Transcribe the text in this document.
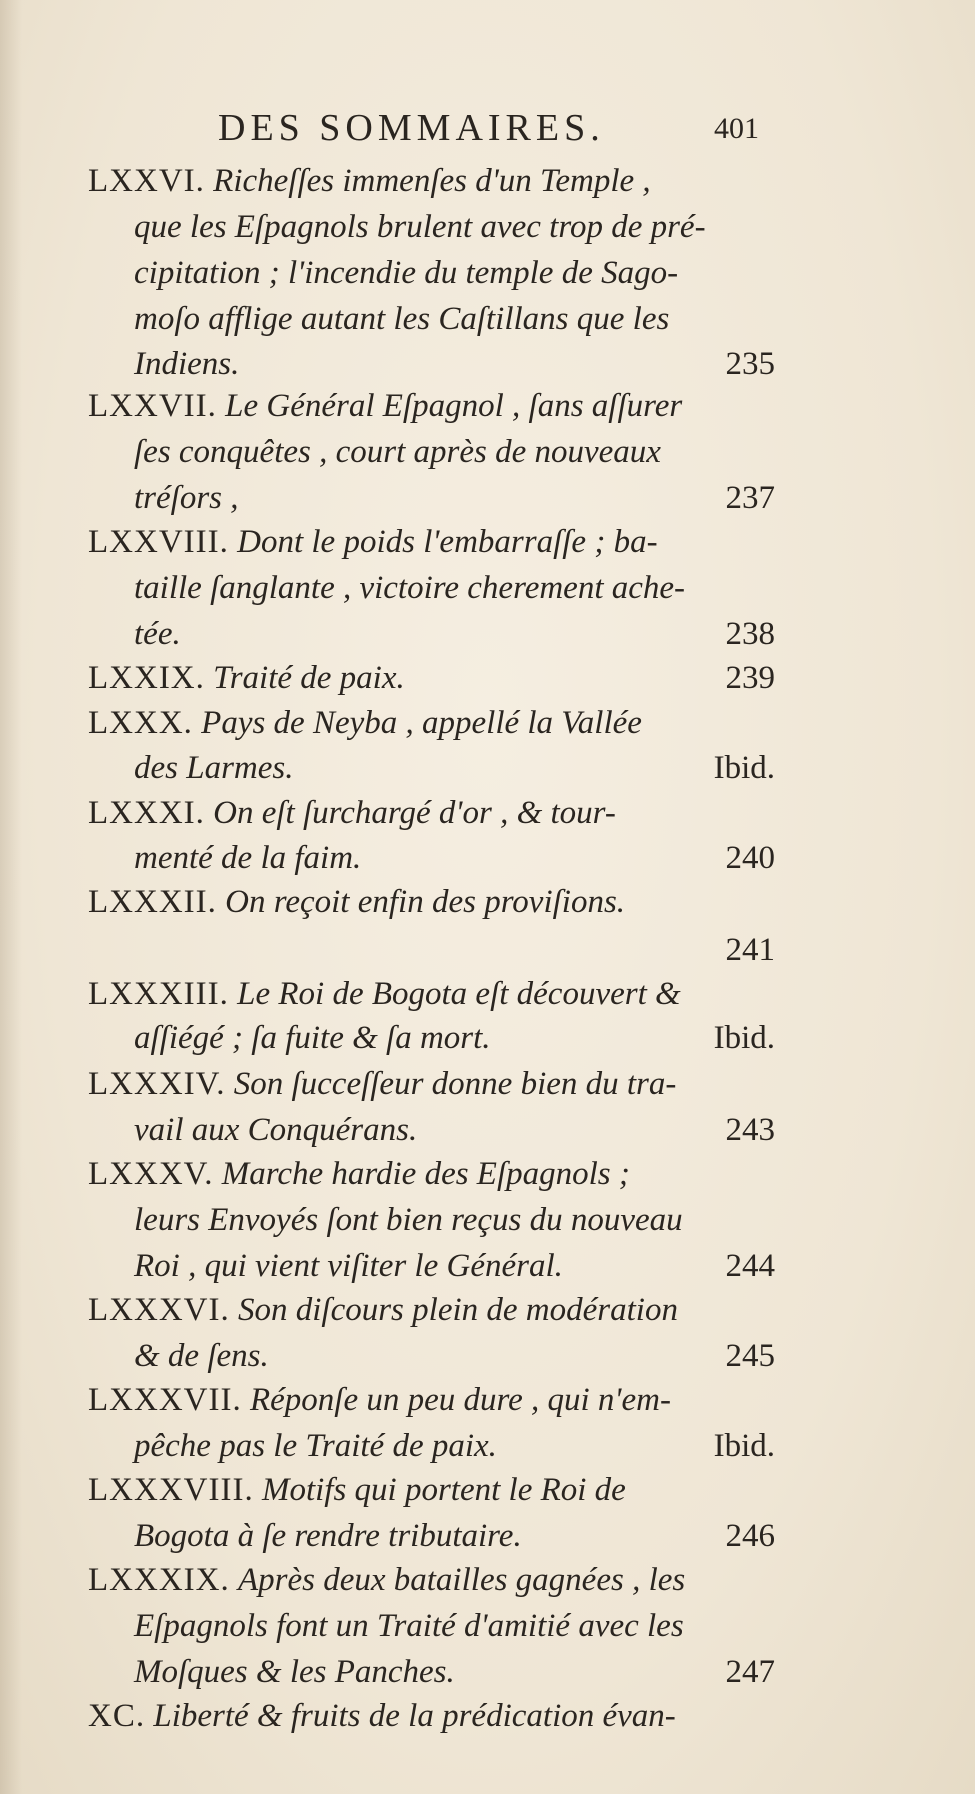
DES SOMMAIRES.	401
LXXVI. Richeſſes immenſes d'un Temple ,
que les Eſpagnols brulent avec trop de pré-
cipitation ; l'incendie du temple de Sago-
moſo afflige autant les Caſtillans que les
Indiens.	235
LXXVII. Le Général Eſpagnol , ſans aſſurer
ſes conquêtes , court après de nouveaux
tréſors ,	237
LXXVIII. Dont le poids l'embarraſſe ; ba-
taille ſanglante , victoire cherement ache-
tée.	238
LXXIX. Traité de paix.	239
LXXX. Pays de Neyba , appellé la Vallée
des Larmes.	Ibid.
LXXXI. On eſt ſurchargé d'or , & tour-
menté de la faim.	240
LXXXII. On reçoit enfin des proviſions.
241
LXXXIII. Le Roi de Bogota eſt découvert &
aſſiégé ; ſa fuite & ſa mort.	Ibid.
LXXXIV. Son ſucceſſeur donne bien du tra-
vail aux Conquérans.	243
LXXXV. Marche hardie des Eſpagnols ;
leurs Envoyés ſont bien reçus du nouveau
Roi , qui vient viſiter le Général.	244
LXXXVI. Son diſcours plein de modération
& de ſens.	245
LXXXVII. Réponſe un peu dure , qui n'em-
pêche pas le Traité de paix.	Ibid.
LXXXVIII. Motifs qui portent le Roi de
Bogota à ſe rendre tributaire.	246
LXXXIX. Après deux batailles gagnées , les
Eſpagnols font un Traité d'amitié avec les
Moſques & les Panches.	247
XC. Liberté & fruits de la prédication évan-
